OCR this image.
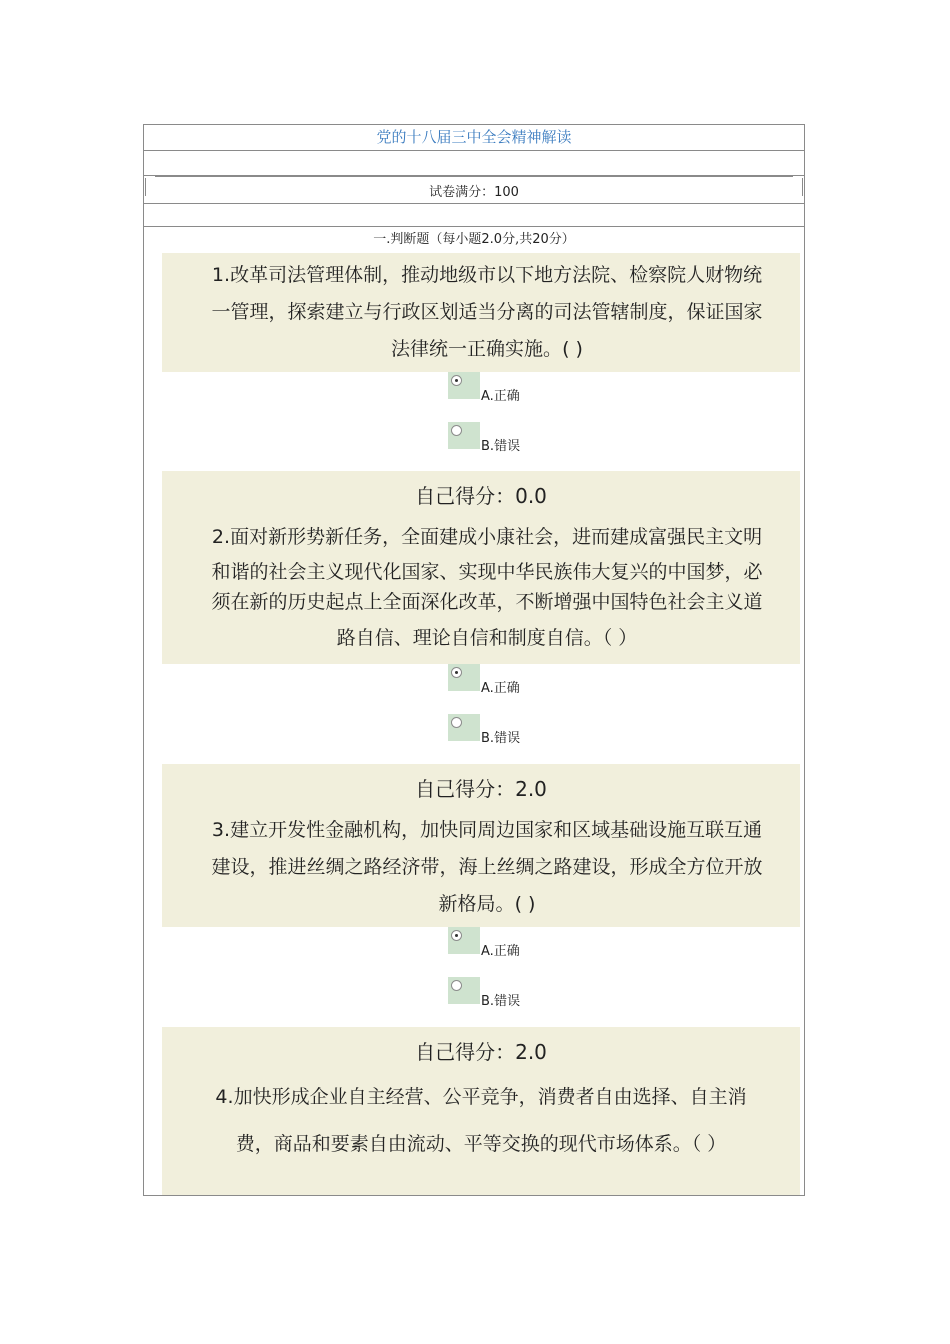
党的十八届三中全会精神解读
试卷满分：100
一.判断题（每小题2.0分,共20分）
1.改革司法管理体制，推动地级市以下地方法院、检察院人财物统
一管理，探索建立与行政区划适当分离的司法管辖制度，保证国家
法律统一正确实施。( )
A.正确
B.错误
自己得分：0.0
2.面对新形势新任务，全面建成小康社会，进而建成富强民主文明
和谐的社会主义现代化国家、实现中华民族伟大复兴的中国梦，必
须在新的历史起点上全面深化改革，不断增强中国特色社会主义道
路自信、理论自信和制度自信。（ ）
A.正确
B.错误
自己得分：2.0
3.建立开发性金融机构，加快同周边国家和区域基础设施互联互通
建设，推进丝绸之路经济带，海上丝绸之路建设，形成全方位开放
新格局。( )
A.正确
B.错误
自己得分：2.0
4.加快形成企业自主经营、公平竞争，消费者自由选择、自主消
费，商品和要素自由流动、平等交换的现代市场体系。（ ）
